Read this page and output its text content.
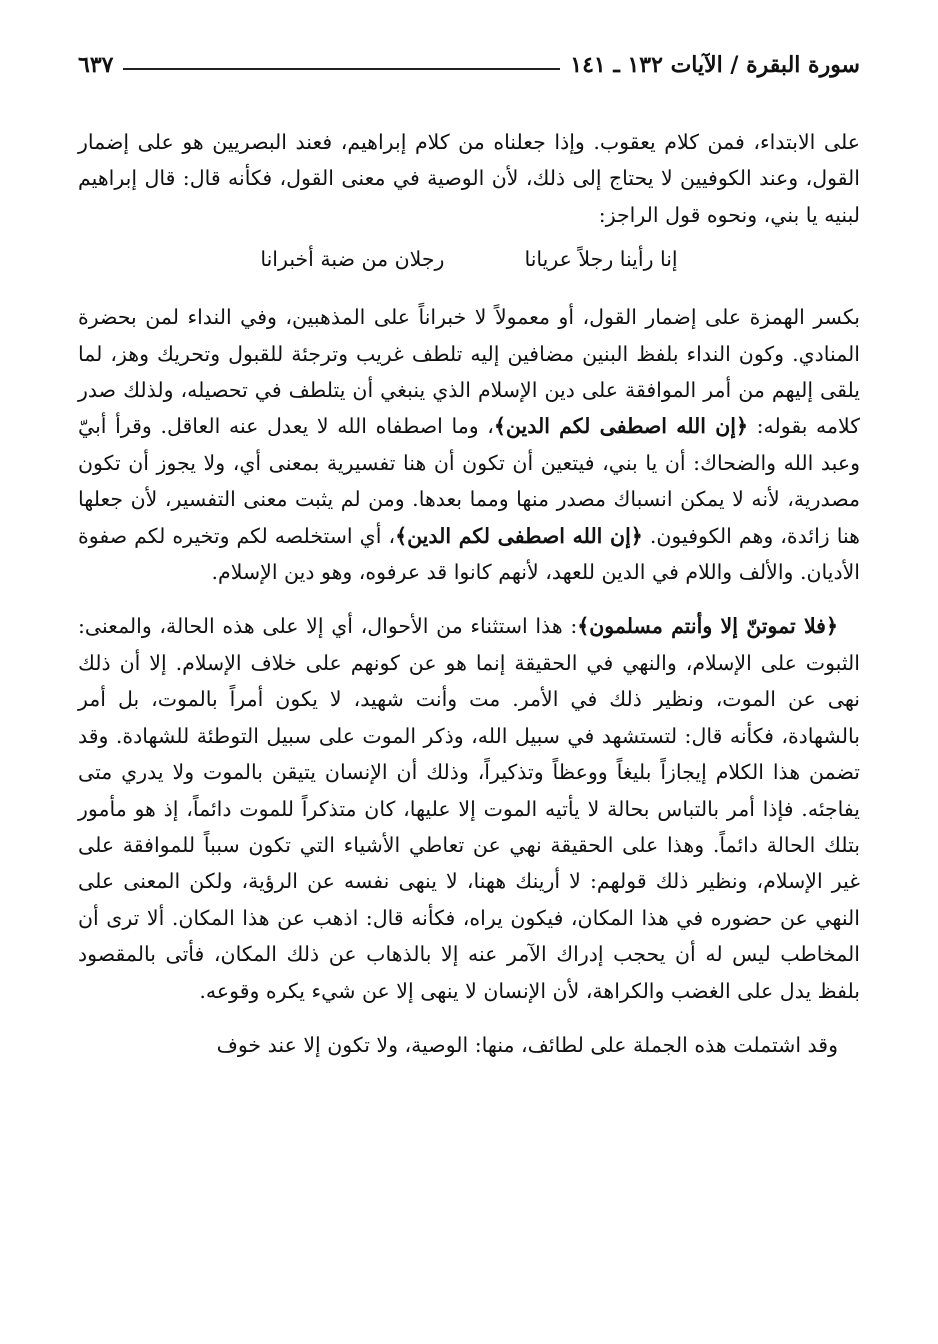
سورة البقرة / الآيات ١٣٢ ـ ١٤١
٦٣٧

على الابتداء، فمن كلام يعقوب. وإذا جعلناه من كلام إبراهيم، فعند البصريين هو على إضمار القول، وعند الكوفيين لا يحتاج إلى ذلك، لأن الوصية في معنى القول، فكأنه قال: قال إبراهيم لبنيه يا بني، ونحوه قول الراجز:

إنا رأينا رجلاً عريانا
رجلان من ضبة أخبرانا

بكسر الهمزة على إضمار القول، أو معمولاً لا خبراناً على المذهبين، وفي النداء لمن بحضرة المنادي. وكون النداء بلفظ البنين مضافين إليه تلطف غريب وترجئة للقبول وتحريك وهز، لما يلقى إليهم من أمر الموافقة على دين الإسلام الذي ينبغي أن يتلطف في تحصيله، ولذلك صدر كلامه بقوله: ﴿إن الله اصطفى لكم الدين﴾، وما اصطفاه الله لا يعدل عنه العاقل. وقرأ أبيّ وعبد الله والضحاك: أن يا بني، فيتعين أن تكون أن هنا تفسيرية بمعنى أي، ولا يجوز أن تكون مصدرية، لأنه لا يمكن انسباك مصدر منها ومما بعدها. ومن لم يثبت معنى التفسير، لأن جعلها هنا زائدة، وهم الكوفيون. ﴿إن الله اصطفى لكم الدين﴾، أي استخلصه لكم وتخيره لكم صفوة الأديان. والألف واللام في الدين للعهد، لأنهم كانوا قد عرفوه، وهو دين الإسلام.

﴿فلا تموتنّ إلا وأنتم مسلمون﴾: هذا استثناء من الأحوال، أي إلا على هذه الحالة، والمعنى: الثبوت على الإسلام، والنهي في الحقيقة إنما هو عن كونهم على خلاف الإسلام. إلا أن ذلك نهى عن الموت، ونظير ذلك في الأمر. مت وأنت شهيد، لا يكون أمراً بالموت، بل أمر بالشهادة، فكأنه قال: لتستشهد في سبيل الله، وذكر الموت على سبيل التوطئة للشهادة. وقد تضمن هذا الكلام إيجازاً بليغاً ووعظاً وتذكيراً، وذلك أن الإنسان يتيقن بالموت ولا يدري متى يفاجئه. فإذا أمر بالتباس بحالة لا يأتيه الموت إلا عليها، كان متذكراً للموت دائماً، إذ هو مأمور بتلك الحالة دائماً. وهذا على الحقيقة نهي عن تعاطي الأشياء التي تكون سبباً للموافقة على غير الإسلام، ونظير ذلك قولهم: لا أرينك ههنا، لا ينهى نفسه عن الرؤية، ولكن المعنى على النهي عن حضوره في هذا المكان، فيكون يراه، فكأنه قال: اذهب عن هذا المكان. ألا ترى أن المخاطب ليس له أن يحجب إدراك الآمر عنه إلا بالذهاب عن ذلك المكان، فأتى بالمقصود بلفظ يدل على الغضب والكراهة، لأن الإنسان لا ينهى إلا عن شيء يكره وقوعه.

وقد اشتملت هذه الجملة على لطائف، منها: الوصية، ولا تكون إلا عند خوف
